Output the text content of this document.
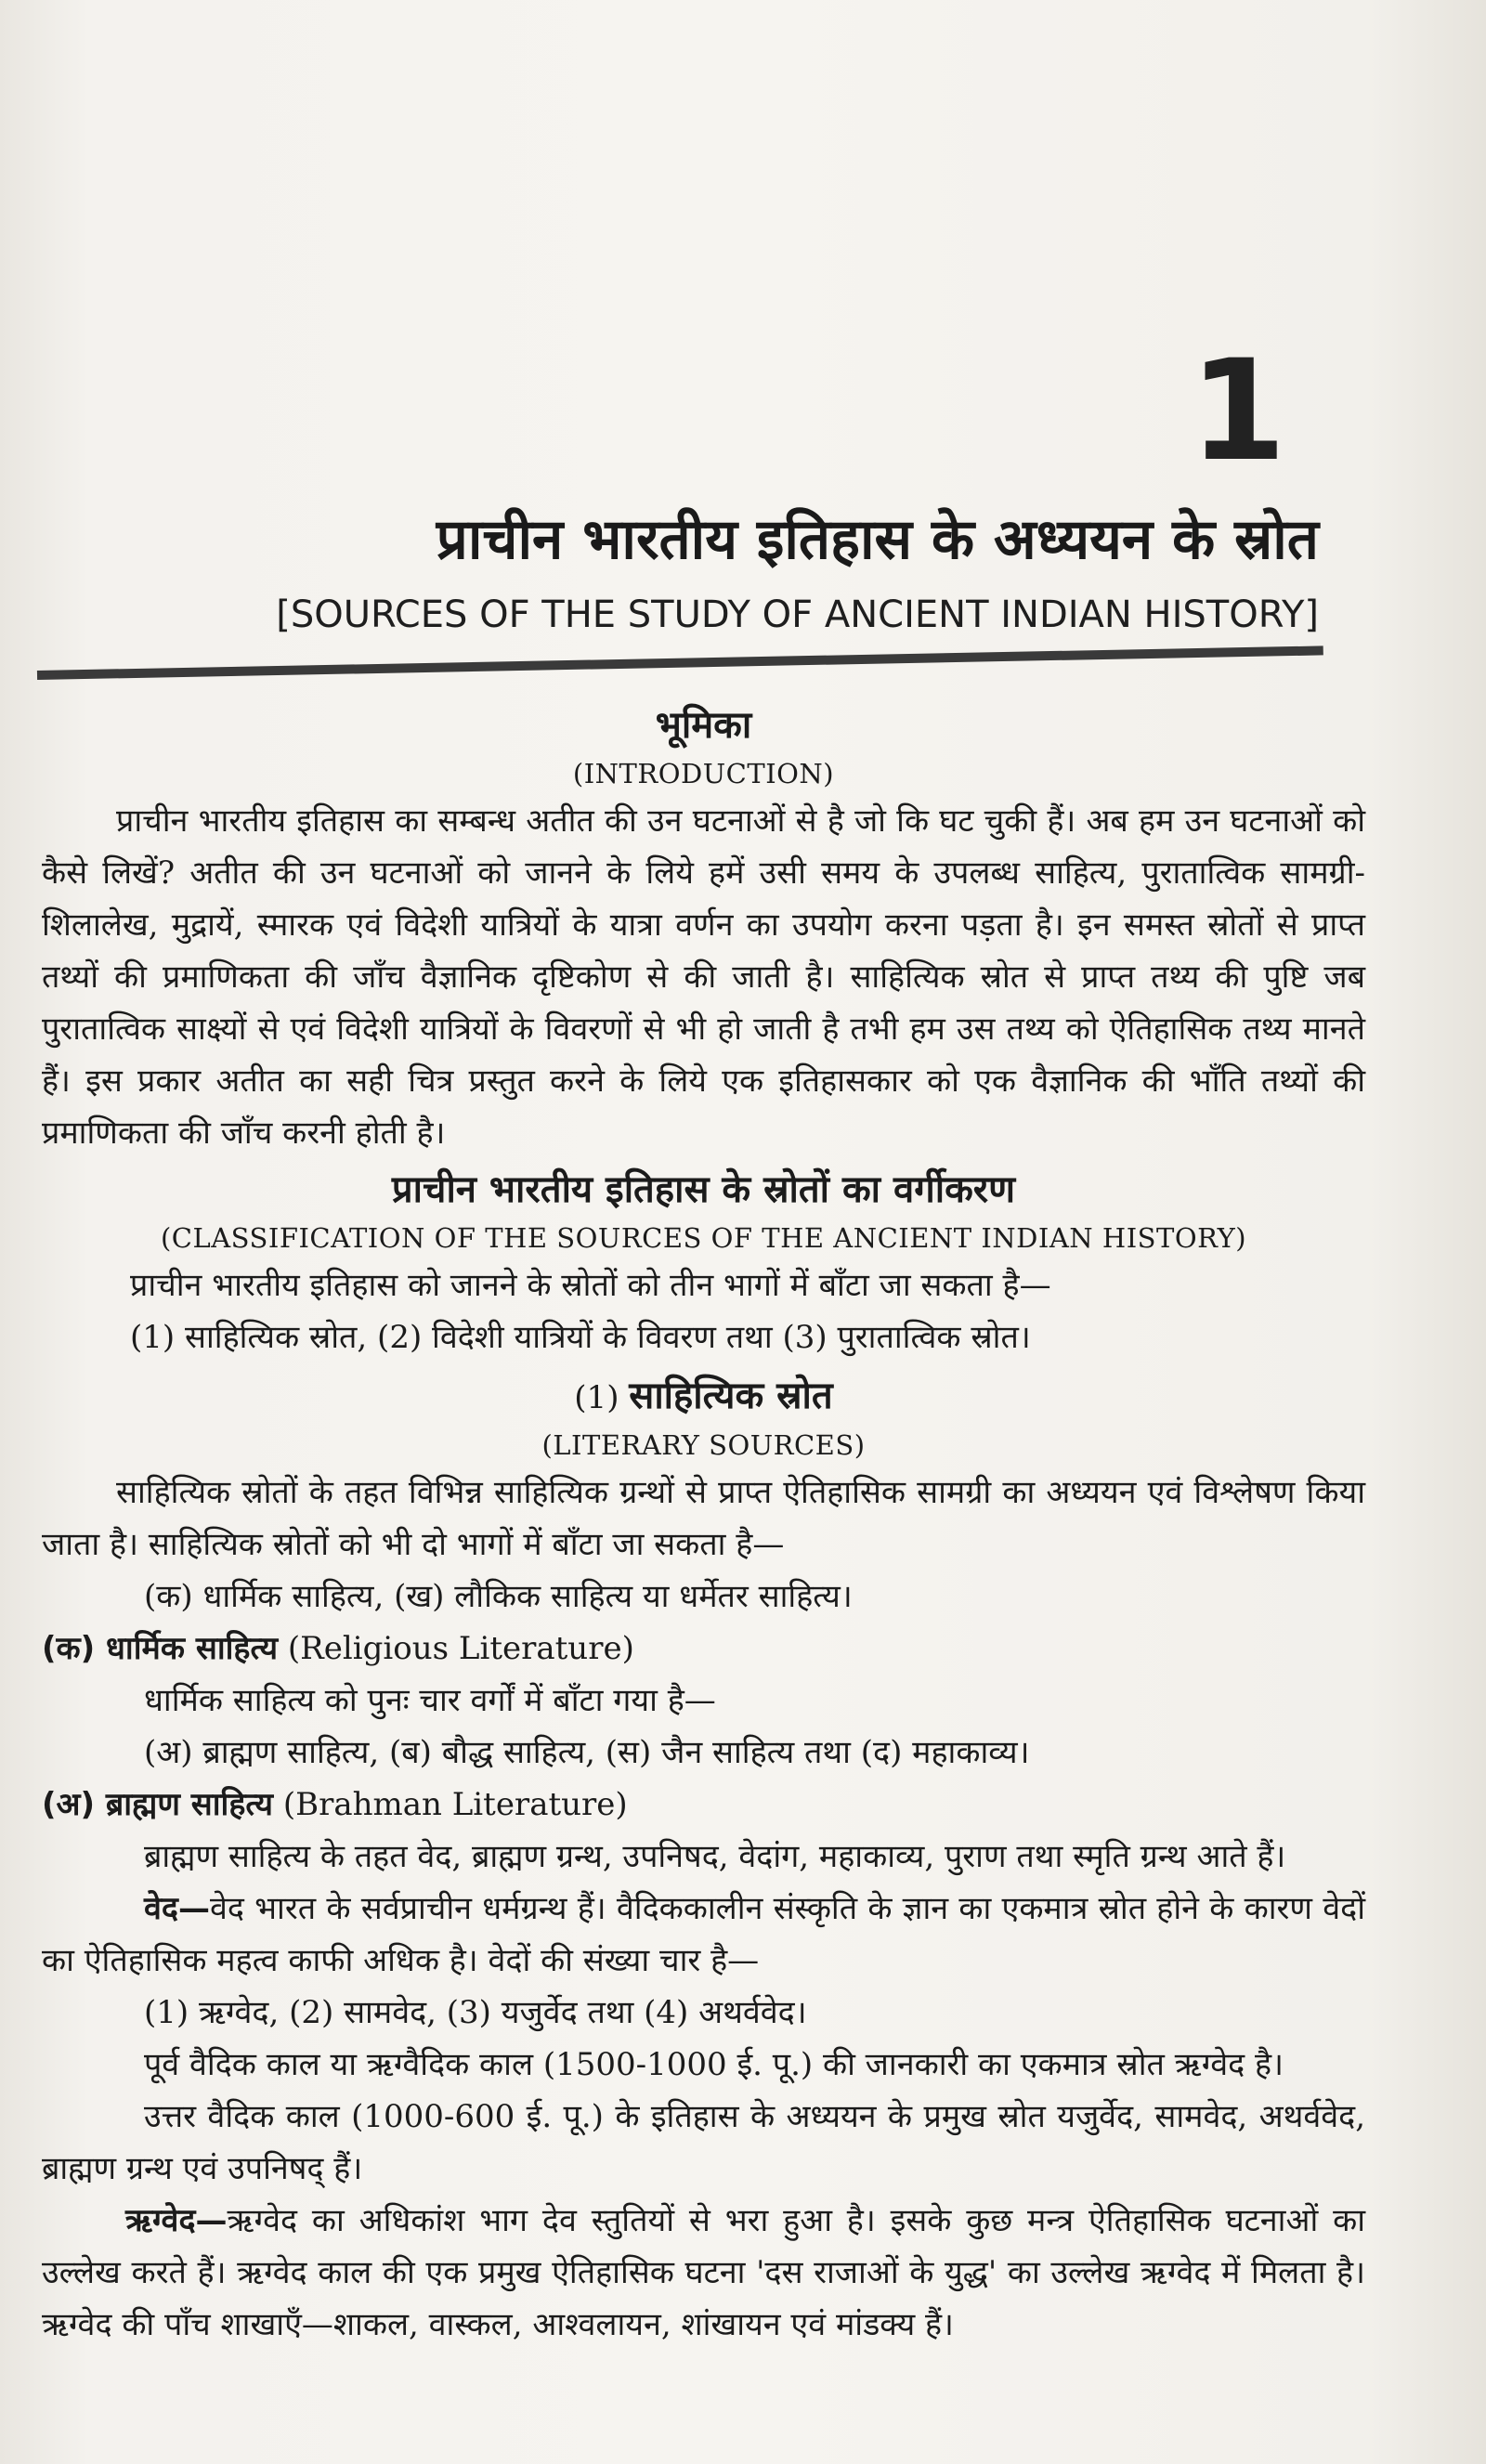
1
प्राचीन भारतीय इतिहास के अध्ययन के स्रोत
[SOURCES OF THE STUDY OF ANCIENT INDIAN HISTORY]
भूमिका
(INTRODUCTION)

प्राचीन भारतीय इतिहास का सम्बन्ध अतीत की उन घटनाओं से है जो कि घट चुकी हैं। अब हम उन घटनाओं को कैसे लिखें? अतीत की उन घटनाओं को जानने के लिये हमें उसी समय के उपलब्ध साहित्य, पुरातात्विक सामग्री-शिलालेख, मुद्रायें, स्मारक एवं विदेशी यात्रियों के यात्रा वर्णन का उपयोग करना पड़ता है। इन समस्त स्रोतों से प्राप्त तथ्यों की प्रमाणिकता की जाँच वैज्ञानिक दृष्टिकोण से की जाती है। साहित्यिक स्रोत से प्राप्त तथ्य की पुष्टि जब पुरातात्विक साक्ष्यों से एवं विदेशी यात्रियों के विवरणों से भी हो जाती है तभी हम उस तथ्य को ऐतिहासिक तथ्य मानते हैं। इस प्रकार अतीत का सही चित्र प्रस्तुत करने के लिये एक इतिहासकार को एक वैज्ञानिक की भाँति तथ्यों की प्रमाणिकता की जाँच करनी होती है।

प्राचीन भारतीय इतिहास के स्रोतों का वर्गीकरण
(CLASSIFICATION OF THE SOURCES OF THE ANCIENT INDIAN HISTORY)

प्राचीन भारतीय इतिहास को जानने के स्रोतों को तीन भागों में बाँटा जा सकता है—

(1) साहित्यिक स्रोत, (2) विदेशी यात्रियों के विवरण तथा (3) पुरातात्विक स्रोत।

(1) साहित्यिक स्रोत
(LITERARY SOURCES)

साहित्यिक स्रोतों के तहत विभिन्न साहित्यिक ग्रन्थों से प्राप्त ऐतिहासिक सामग्री का अध्ययन एवं विश्लेषण किया जाता है। साहित्यिक स्रोतों को भी दो भागों में बाँटा जा सकता है—

(क) धार्मिक साहित्य, (ख) लौकिक साहित्य या धर्मेतर साहित्य।

(क) धार्मिक साहित्य (Religious Literature)

धार्मिक साहित्य को पुनः चार वर्गों में बाँटा गया है—

(अ) ब्राह्मण साहित्य, (ब) बौद्ध साहित्य, (स) जैन साहित्य तथा (द) महाकाव्य।

(अ) ब्राह्मण साहित्य (Brahman Literature)

ब्राह्मण साहित्य के तहत वेद, ब्राह्मण ग्रन्थ, उपनिषद, वेदांग, महाकाव्य, पुराण तथा स्मृति ग्रन्थ आते हैं।

वेद—वेद भारत के सर्वप्राचीन धर्मग्रन्थ हैं। वैदिककालीन संस्कृति के ज्ञान का एकमात्र स्रोत होने के कारण वेदों का ऐतिहासिक महत्व काफी अधिक है। वेदों की संख्या चार है—

(1) ऋग्वेद, (2) सामवेद, (3) यजुर्वेद तथा (4) अथर्ववेद।

पूर्व वैदिक काल या ऋग्वैदिक काल (1500-1000 ई. पू.) की जानकारी का एकमात्र स्रोत ऋग्वेद है।

उत्तर वैदिक काल (1000-600 ई. पू.) के इतिहास के अध्ययन के प्रमुख स्रोत यजुर्वेद, सामवेद, अथर्ववेद, ब्राह्मण ग्रन्थ एवं उपनिषद् हैं।

ऋग्वेद—ऋग्वेद का अधिकांश भाग देव स्तुतियों से भरा हुआ है। इसके कुछ मन्त्र ऐतिहासिक घटनाओं का उल्लेख करते हैं। ऋग्वेद काल की एक प्रमुख ऐतिहासिक घटना 'दस राजाओं के युद्ध' का उल्लेख ऋग्वेद में मिलता है। ऋग्वेद की पाँच शाखाएँ—शाकल, वास्कल, आश्वलायन, शांखायन एवं मांडक्य हैं।
